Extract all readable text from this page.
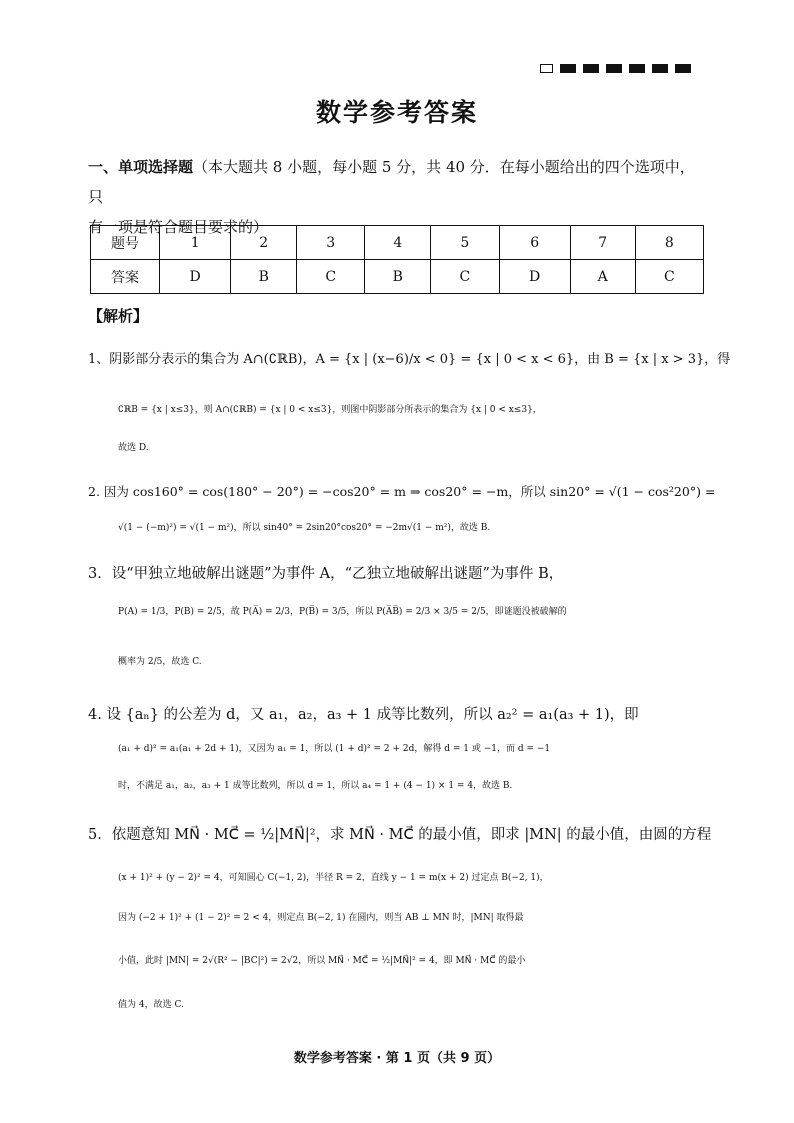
数学参考答案
一、单项选择题（本大题共 8 小题，每小题 5 分，共 40 分．在每小题给出的四个选项中，只
有一项是符合题目要求的）
题号	1	2	3	4	5	6	7	8
答案	D	B	C	B	C	D	A	C
【解析】
1、阴影部分表示的集合为 A∩(∁ℝB)，A = {x | (x−6)/x < 0} = {x | 0 < x < 6}，由 B = {x | x > 3}，得
∁ℝB = {x | x≤3}，则 A∩(∁ℝB) = {x | 0 < x≤3}，则图中阴影部分所表示的集合为 {x | 0 < x≤3}，
故选 D.
2. 因为 cos160° = cos(180° − 20°) = −cos20° = m ⇒ cos20° = −m，所以 sin20° = √(1 − cos²20°) =
√(1 − (−m)²) = √(1 − m²)，所以 sin40° = 2sin20°cos20° = −2m√(1 − m²)，故选 B.
3．设“甲独立地破解出谜题”为事件 A，“乙独立地破解出谜题”为事件 B，
P(A) = 1/3，P(B) = 2/5，故 P(A̅) = 2/3，P(B̅) = 3/5，所以 P(A̅B̅) = 2/3 × 3/5 = 2/5，即谜题没被破解的
概率为 2/5，故选 C.
4. 设 {aₙ} 的公差为 d，又 a₁，a₂，a₃ + 1 成等比数列，所以 a₂² = a₁(a₃ + 1)，即
(a₁ + d)² = a₁(a₁ + 2d + 1)，又因为 a₁ = 1，所以 (1 + d)² = 2 + 2d，解得 d = 1 或 −1，而 d = −1
时，不满足 a₁，a₂，a₃ + 1 成等比数列，所以 d = 1，所以 a₄ = 1 + (4 − 1) × 1 = 4，故选 B.
5．依题意知 MN⃗ · MC⃗ = ½|MN⃗|²，求 MN⃗ · MC⃗ 的最小值，即求 |MN| 的最小值，由圆的方程
(x + 1)² + (y − 2)² = 4，可知圆心 C(−1, 2)，半径 R = 2，直线 y − 1 = m(x + 2) 过定点 B(−2, 1)，
因为 (−2 + 1)² + (1 − 2)² = 2 < 4，则定点 B(−2, 1) 在圆内，则当 AB ⊥ MN 时，|MN| 取得最
小值，此时 |MN| = 2√(R² − |BC|²) = 2√2，所以 MN⃗ · MC⃗ = ½|MN⃗|² = 4，即 MN⃗ · MC⃗ 的最小
值为 4，故选 C.
数学参考答案 · 第 1 页（共 9 页）
